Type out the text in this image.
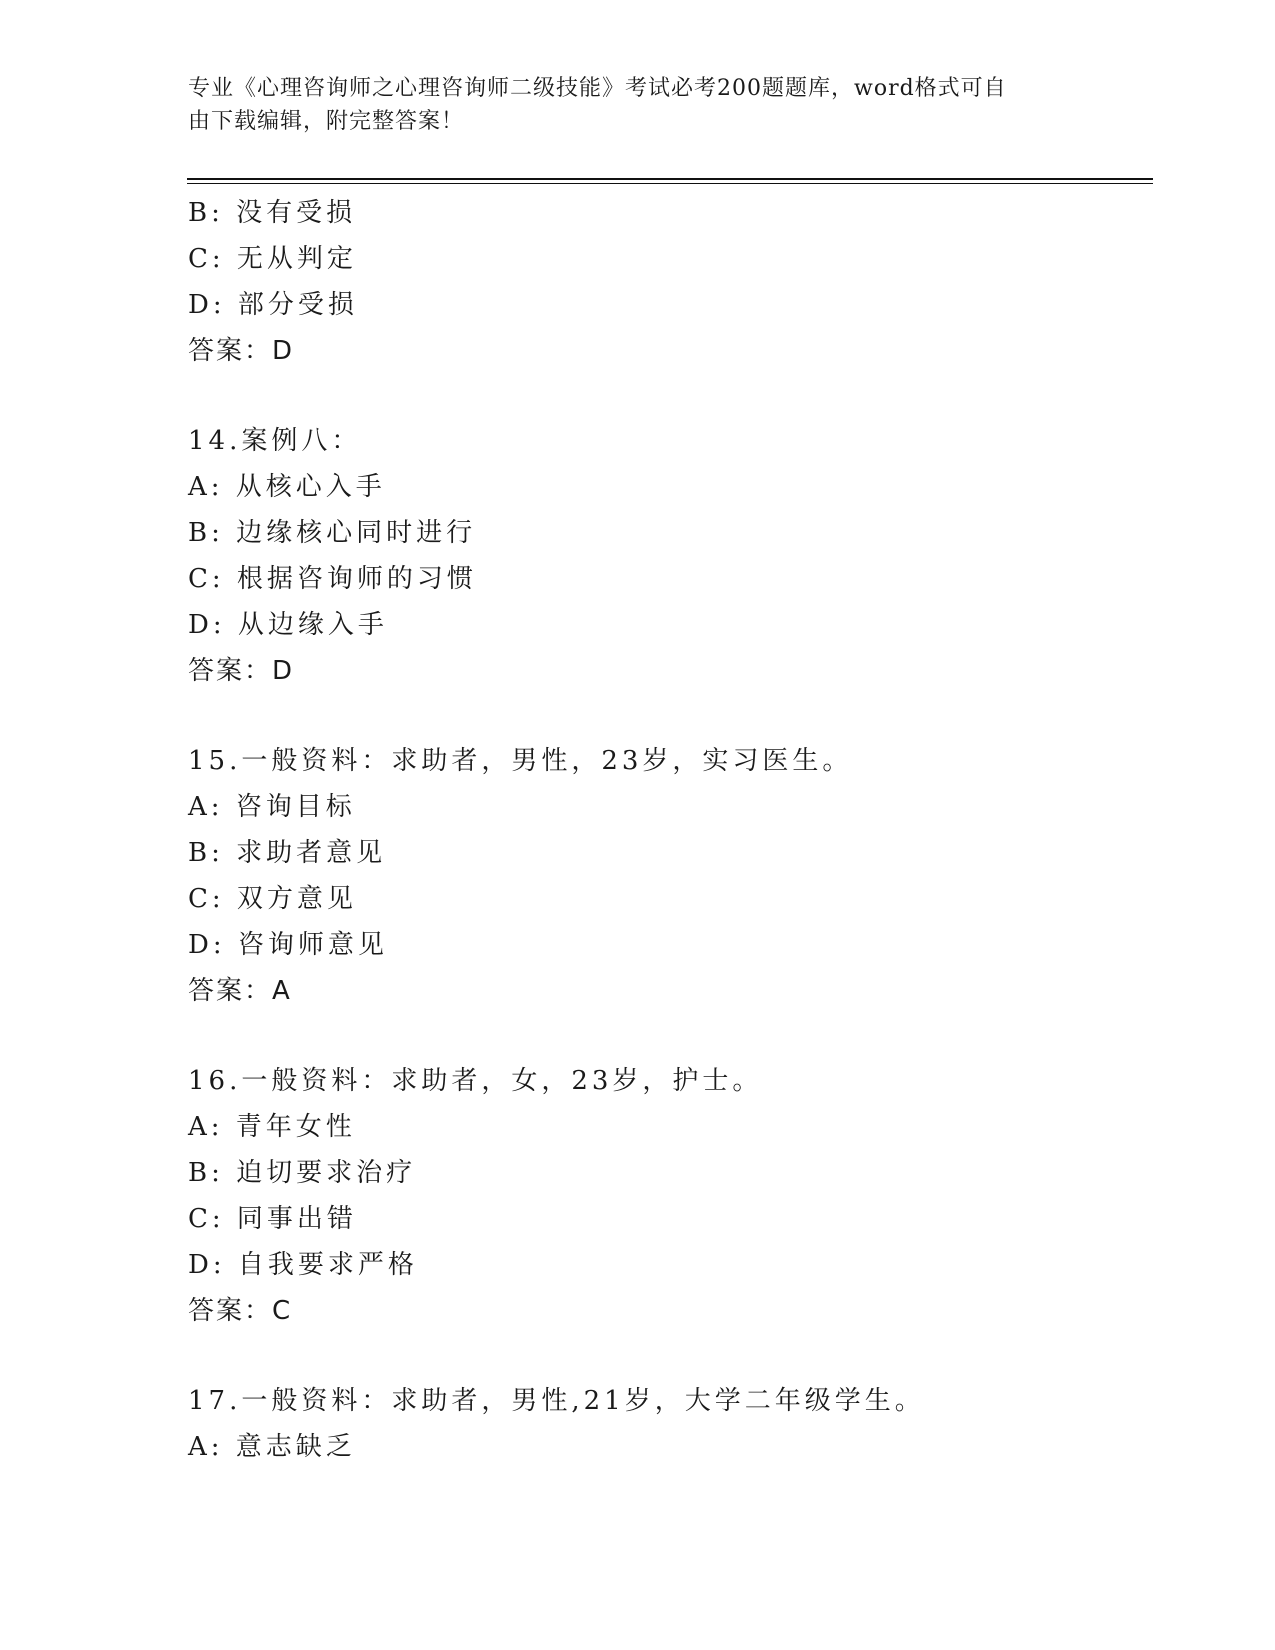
专业《心理咨询师之心理咨询师二级技能》考试必考200题题库，word格式可自
由下载编辑，附完整答案！
B: 没有受损
C: 无从判定
D: 部分受损
答案：D
14.案例八：
A: 从核心入手
B: 边缘核心同时进行
C: 根据咨询师的习惯
D: 从边缘入手
答案：D
15.一般资料：求助者，男性，23岁，实习医生。
A: 咨询目标
B: 求助者意见
C: 双方意见
D: 咨询师意见
答案：A
16.一般资料：求助者，女，23岁，护士。
A: 青年女性
B: 迫切要求治疗
C: 同事出错
D: 自我要求严格
答案：C
17.一般资料：求助者，男性,21岁，大学二年级学生。
A: 意志缺乏
